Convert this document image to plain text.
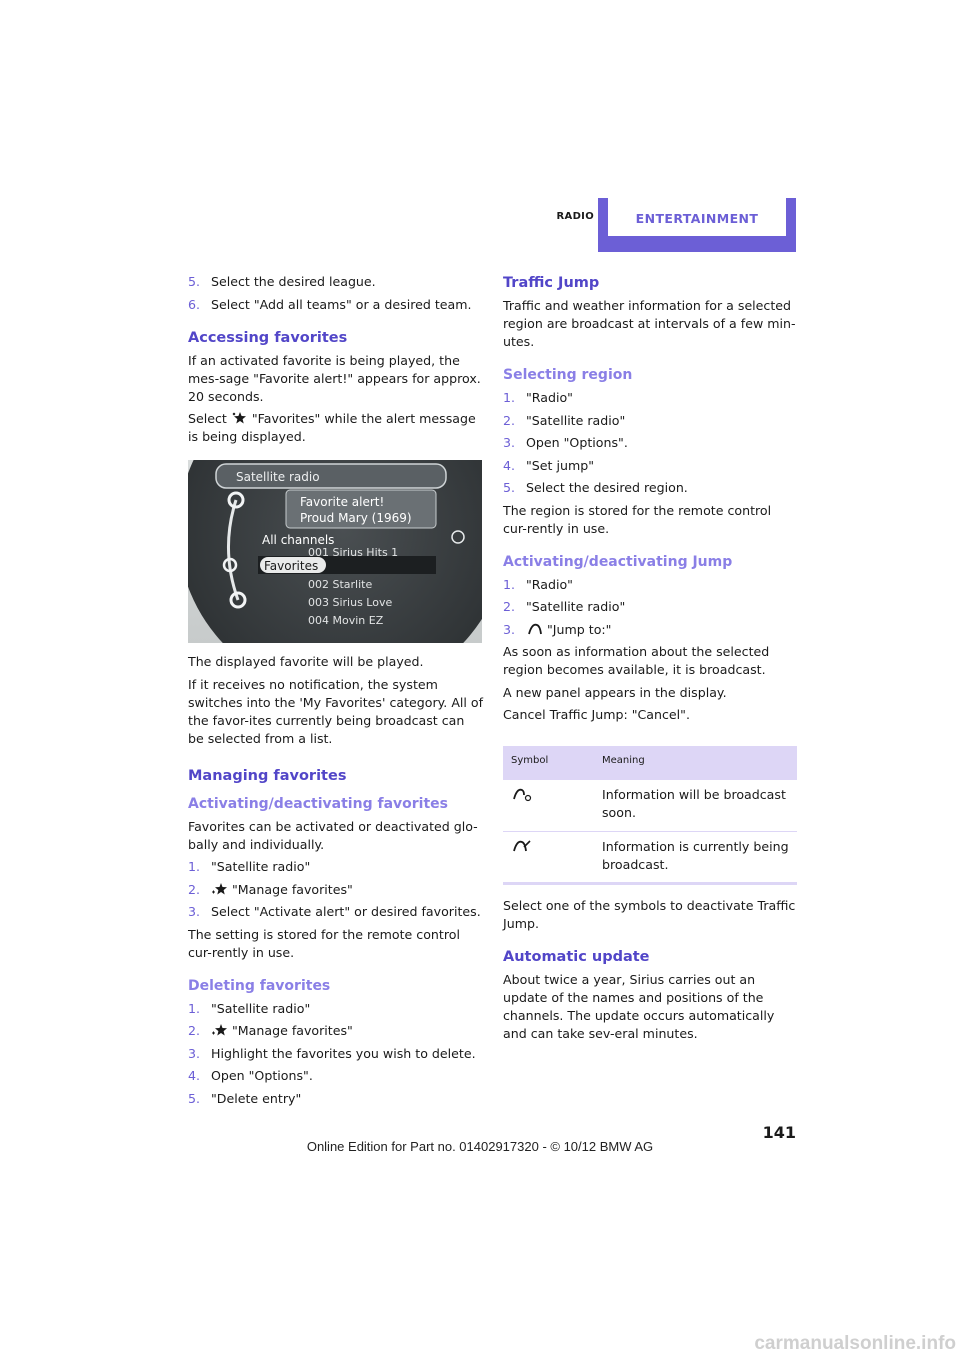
RADIO	ENTERTAINMENT
5. Select the desired league.
6. Select "Add all teams" or a desired team.
Accessing favorites

If an activated favorite is being played, the mes-sage "Favorite alert!" appears for approx. 20 seconds.

Select "Favorites" while the alert message is being displayed.

Satellite radio
Favorite alert!
Proud Mary (1969)
All channels
001 Sirius Hits 1
002 Starlite
003 Sirius Love
004 Movin EZ
Favorites

The displayed favorite will be played.

If it receives no notification, the system switches into the 'My Favorites' category. All of the favor-ites currently being broadcast can be selected from a list.

Managing favorites
Activating/deactivating favorites

Favorites can be activated or deactivated glo-bally and individually.

1. "Satellite radio"
2.	"Manage favorites"
3. Select "Activate alert" or desired favorites.

The setting is stored for the remote control cur-rently in use.

Deleting favorites
1. "Satellite radio"
2.	"Manage favorites"
3. Highlight the favorites you wish to delete.
4. Open "Options".
5. "Delete entry"
Traffic Jump

Traffic and weather information for a selected region are broadcast at intervals of a few min-utes.

Selecting region
1. "Radio"
2. "Satellite radio"
3. Open "Options".
4. "Set jump"
5. Select the desired region.

The region is stored for the remote control cur-rently in use.

Activating/deactivating Jump
1. "Radio"
2. "Satellite radio"
3.	"Jump to:"

As soon as information about the selected region becomes available, it is broadcast.

A new panel appears in the display.

Cancel Traffic Jump: "Cancel".

Symbol	Meaning
	Information will be broadcast soon.
	Information is currently being broadcast.

Select one of the symbols to deactivate Traffic Jump.

Automatic update

About twice a year, Sirius carries out an update of the names and positions of the channels. The update occurs automatically and can take sev-eral minutes.

141
Online Edition for Part no. 01402917320 - © 10/12 BMW AG
carmanualsonline.info
